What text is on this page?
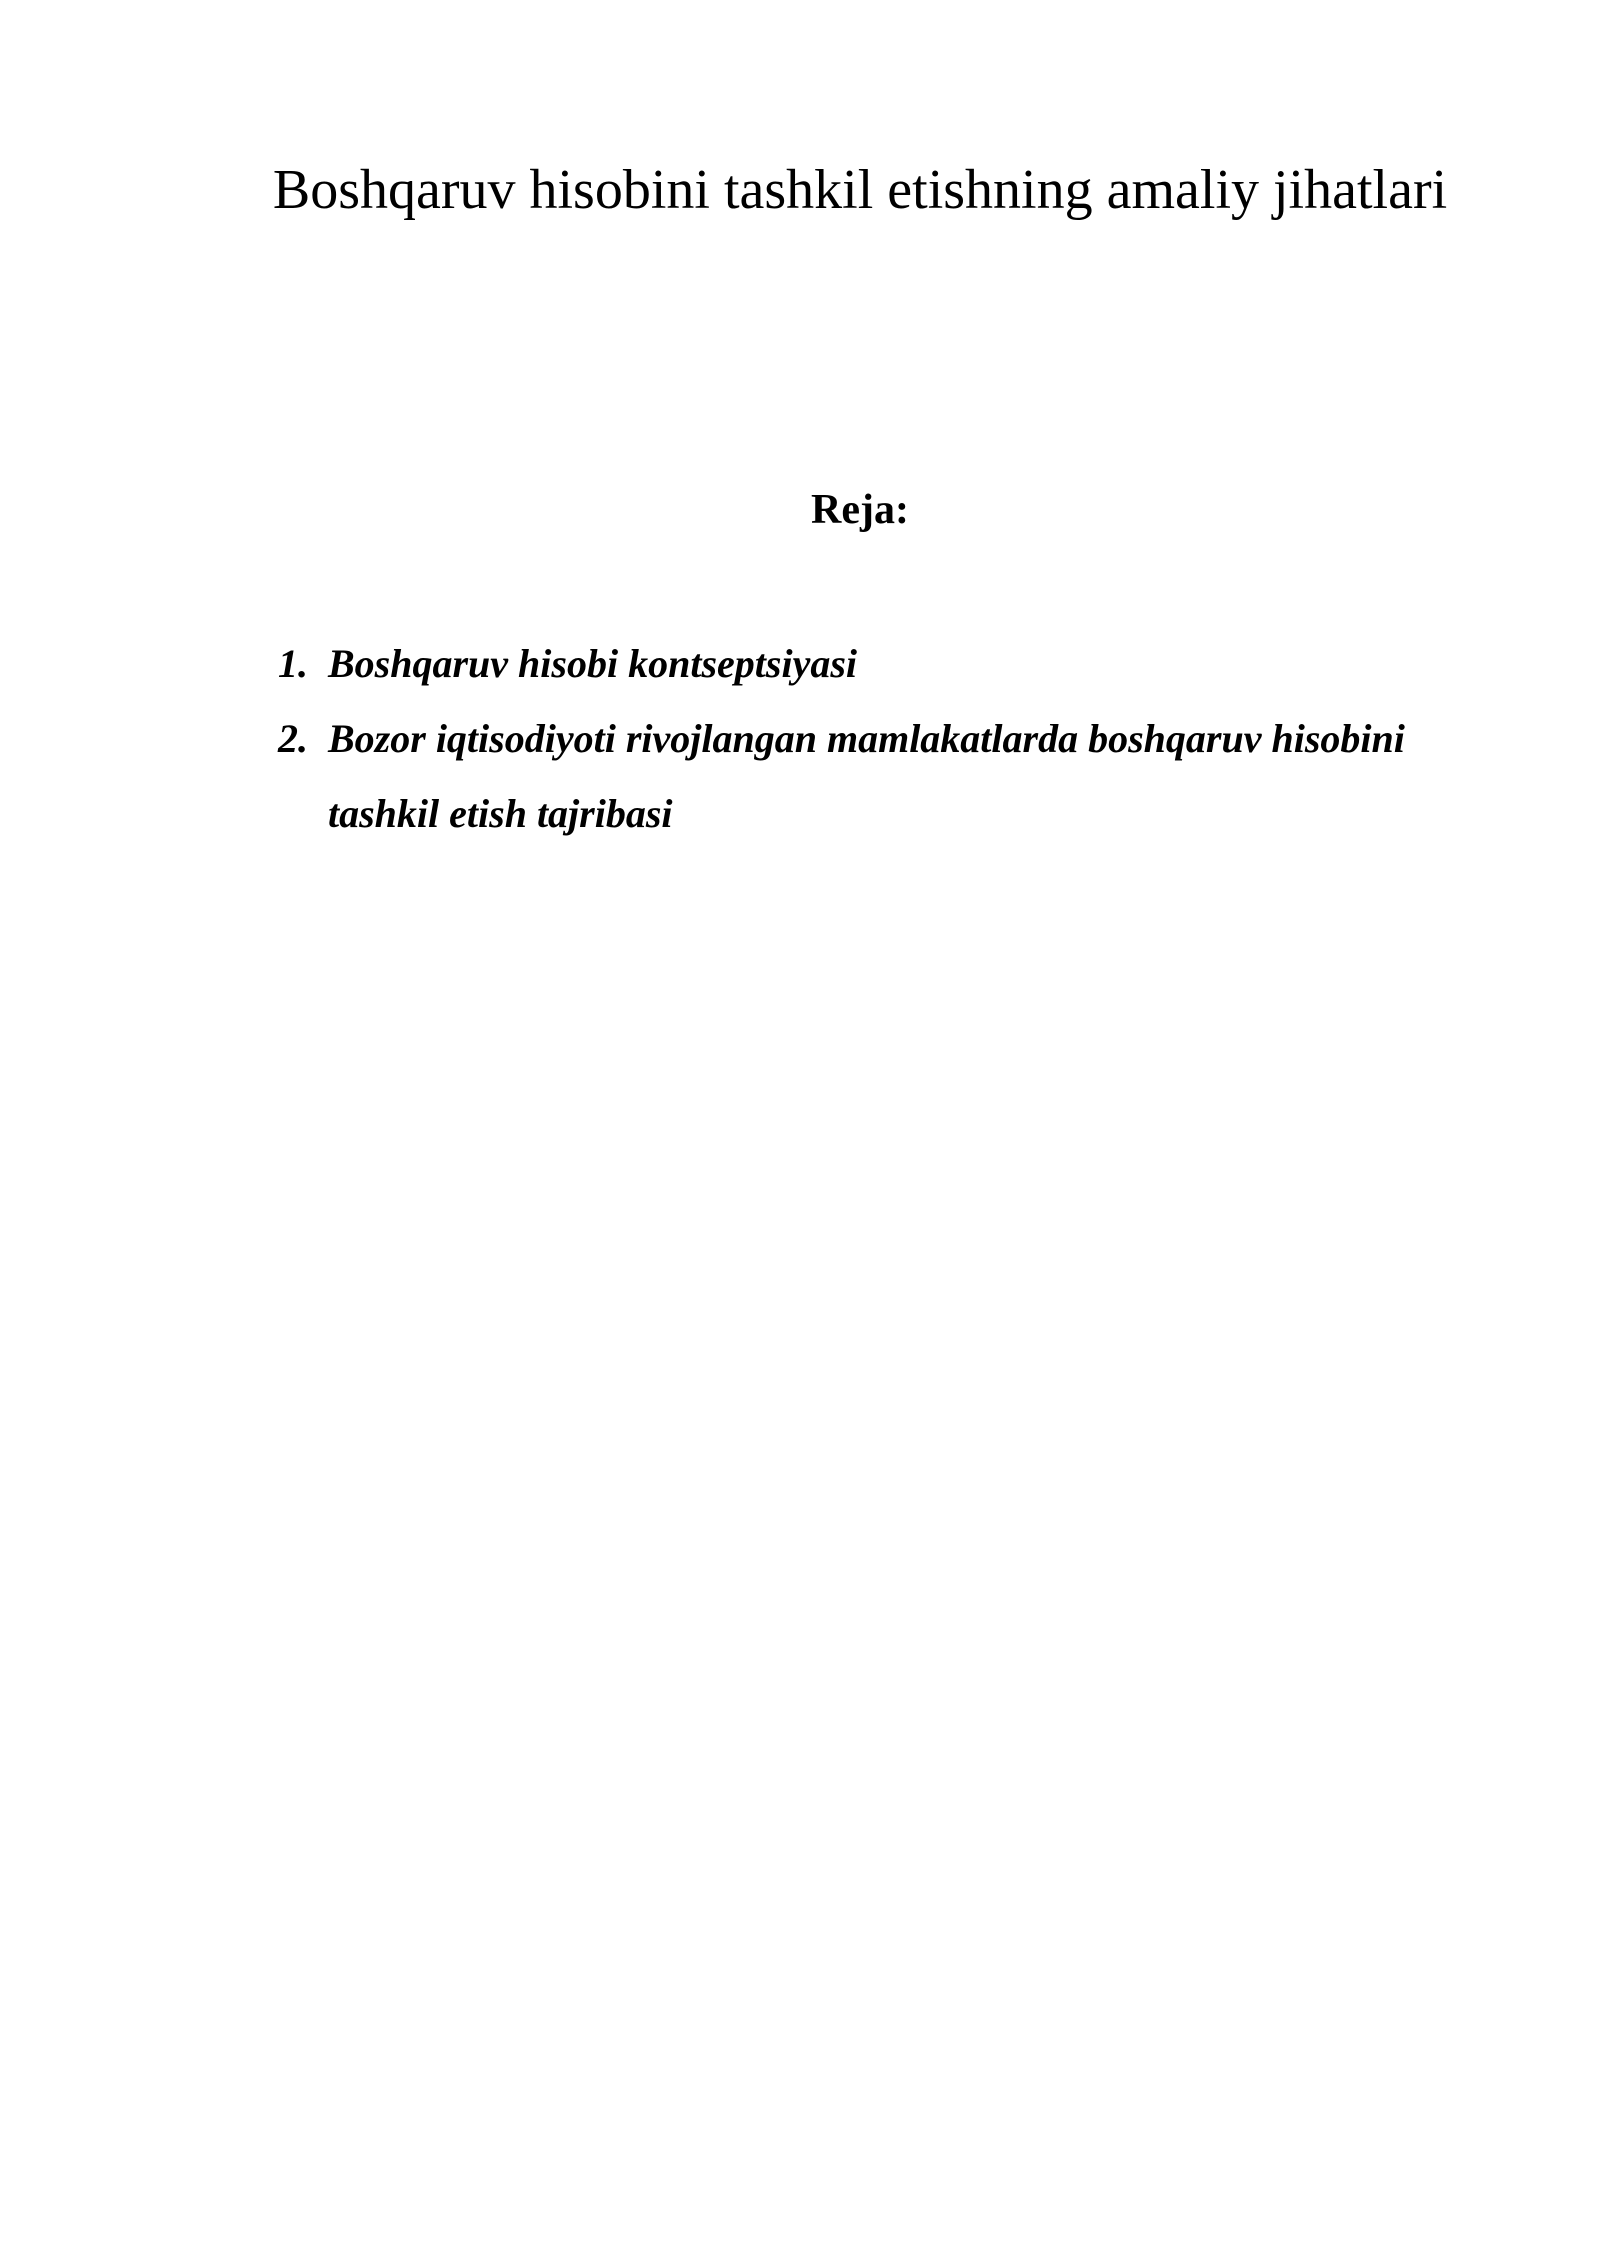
Boshqaruv hisobini tashkil etishning amaliy jihatlari
Reja:
1. Boshqaruv hisobi kontseptsiyasi
2. Bozor iqtisodiyoti rivojlangan mamlakatlarda boshqaruv hisobini tashkil etish tajribasi
